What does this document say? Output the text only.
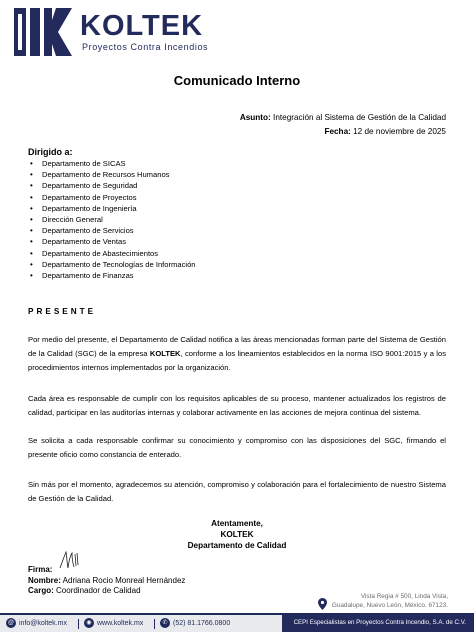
KOLTEK
Proyectos Contra Incendios
Comunicado Interno
Asunto: Integración al Sistema de Gestión de la Calidad
Fecha: 12 de noviembre de 2025
Dirigido a:
• Departamento de SICAS
• Departamento de Recursos Humanos
• Departamento de Seguridad
• Departamento de Proyectos
• Departamento de Ingeniería
• Dirección General
• Departamento de Servicios
• Departamento de Ventas
• Departamento de Abastecimientos
• Departamento de Tecnologías de Información
• Departamento de Finanzas
PRESENTE

Por medio del presente, el Departamento de Calidad notifica a las áreas mencionadas forman parte del Sistema de Gestión de la Calidad (SGC) de la empresa KOLTEK, conforme a los lineamientos establecidos en la norma ISO 9001:2015 y a los procedimientos internos implementados por la organización.

Cada área es responsable de cumplir con los requisitos aplicables de su proceso, mantener actualizados los registros de calidad, participar en las auditorías internas y colaborar activamente en las acciones de mejora continua del sistema.

Se solicita a cada responsable confirmar su conocimiento y compromiso con las disposiciones del SGC, firmando el presente oficio como constancia de enterado.

Sin más por el momento, agradecemos su atención, compromiso y colaboración para el fortalecimiento de nuestro Sistema de Gestión de la Calidad.

Atentamente,
KOLTEK
Departamento de Calidad
Firma:
Nombre: Adriana Rocio Monreal Hernández
Cargo: Coordinador de Calidad
Vista Regia # 500, Linda Vista,
Guadalupe, Nuevo León, México. 67123.
@ info@koltek.mx	◉ www.koltek.mx	✆ (52) 81.1766.0800	CEPI Especialistas en Proyectos Contra Incendio, S.A. de C.V.
